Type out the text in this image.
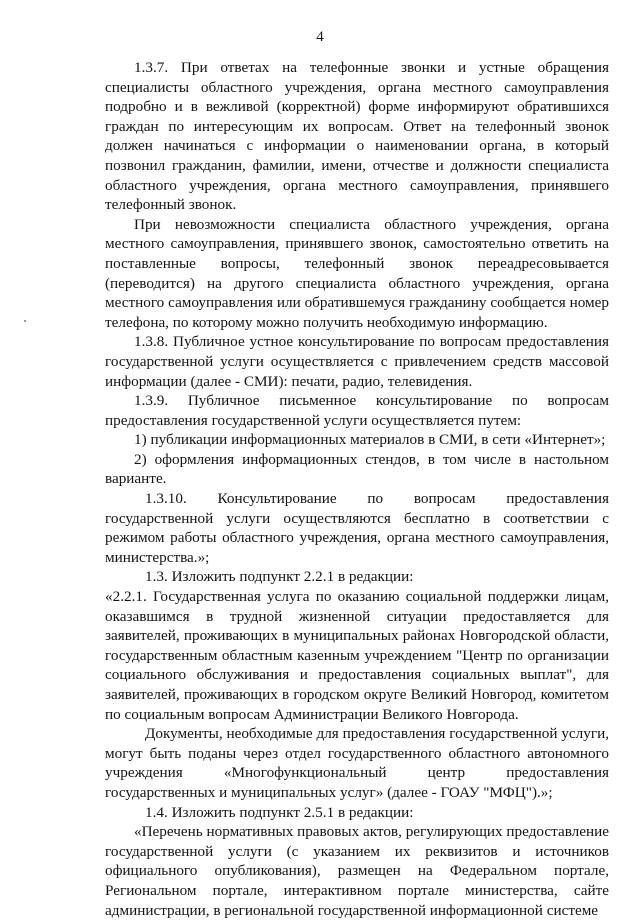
4

1.3.7. При ответах на телефонные звонки и устные обращения специалисты областного учреждения, органа местного самоуправления подробно и в вежливой (корректной) форме информируют обратившихся граждан по интересующим их вопросам. Ответ на телефонный звонок должен начинаться с информации о наименовании органа, в который позвонил гражданин, фамилии, имени, отчестве и должности специалиста областного учреждения, органа местного самоуправления, принявшего телефонный звонок.

При невозможности специалиста областного учреждения, органа местного самоуправления, принявшего звонок, самостоятельно ответить на поставленные вопросы, телефонный звонок переадресовывается (переводится) на другого специалиста областного учреждения, органа местного самоуправления или обратившемуся гражданину сообщается номер телефона, по которому можно получить необходимую информацию.

1.3.8. Публичное устное консультирование по вопросам предоставления государственной услуги осуществляется с привлечением средств массовой информации (далее - СМИ): печати, радио, телевидения.

1.3.9. Публичное письменное консультирование по вопросам предоставления государственной услуги осуществляется путем:

1) публикации информационных материалов в СМИ, в сети «Интернет»;

2) оформления информационных стендов, в том числе в настольном варианте.

1.3.10. Консультирование по вопросам предоставления государственной услуги осуществляются бесплатно в соответствии с режимом работы областного учреждения, органа местного самоуправления, министерства.»;

1.3. Изложить подпункт 2.2.1 в редакции:

«2.2.1. Государственная услуга по оказанию социальной поддержки лицам, оказавшимся в трудной жизненной ситуации предоставляется для заявителей, проживающих в муниципальных районах Новгородской области, государственным областным казенным учреждением "Центр по организации социального обслуживания и предоставления социальных выплат", для заявителей, проживающих в городском округе Великий Новгород, комитетом по социальным вопросам Администрации Великого Новгорода.

Документы, необходимые для предоставления государственной услуги, могут быть поданы через отдел государственного областного автономного учреждения «Многофункциональный центр предоставления государственных и муниципальных услуг» (далее - ГОАУ "МФЦ").»;

1.4. Изложить подпункт 2.5.1 в редакции:

«Перечень нормативных правовых актов, регулирующих предоставление государственной услуги (с указанием их реквизитов и источников официального опубликования), размещен на Федеральном портале, Региональном портале, интерактивном портале министерства, сайте администрации, в региональной государственной информационной системе
